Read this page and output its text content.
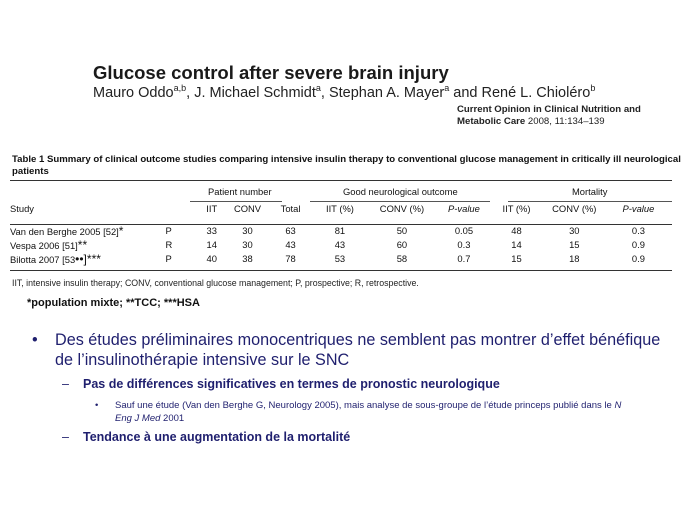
Glucose control after severe brain injury
Mauro Oddo$^{a,b}$, J. Michael Schmidt$^a$, Stephan A. Mayer$^a$ and René L. Chioléro$^b$
Current Opinion in Clinical Nutrition and
Metabolic Care 2008, 11:134–139
Table 1 Summary of clinical outcome studies comparing intensive insulin therapy to conventional glucose management in critically ill neurological patients
Patient number	Good neurological outcome	Mortality
Study		IIT	CONV	Total	IIT (%)	CONV (%)	P-value	IIT (%)	CONV (%)	P-value

Van den Berghe 2005 [52]*	P	33	30	63	81	50	0.05	48	30	0.3
Vespa 2006 [51]**	R	14	30	43	43	60	0.3	14	15	0.9
Bilotta 2007 [53••]***	P	40	38	78	53	58	0.7	15	18	0.9
IIT, intensive insulin therapy; CONV, conventional glucose management; P, prospective; R, retrospective.
*population mixte; **TCC; ***HSA
• Des études préliminaires monocentriques ne semblent pas montrer d’effet bénéfique de l’insulinothérapie intensive sur le SNC
– Pas de différences significatives en termes de pronostic neurologique
• Sauf une étude (Van den Berghe G, Neurology 2005), mais analyse de sous-groupe de l’étude princeps publié dans le N Eng J Med 2001
– Tendance à une augmentation de la mortalité
